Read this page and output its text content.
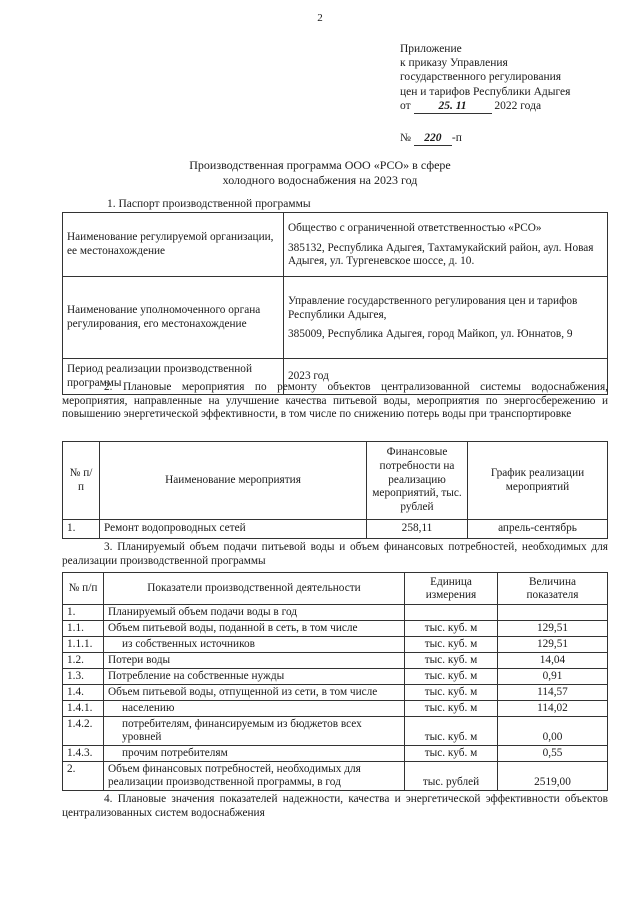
2
Приложение
к приказу Управления
государственного регулирования
цен и тарифов Республики Адыгея
от 25. 11 2022 года
№ 220 -п
Производственная программа ООО «РСО» в сфере
холодного водоснабжения на 2023 год
1. Паспорт производственной программы
Наименование регулируемой организации, ее местонахождение	Общество с ограниченной ответственностью «РСО»

385132, Республика Адыгея, Тахтамукайский район, аул. Новая Адыгея, ул. Тургеневское шоссе, д. 10.

Наименование уполномоченного органа регулирования, его местонахождение	Управление государственного регулирования цен и тарифов Республики Адыгея,

385009, Республика Адыгея, город Майкоп, ул. Юннатов, 9

Период реализации производственной программы	2023 год
2. Плановые мероприятия по ремонту объектов централизованной системы водоснабжения, мероприятия, направленные на улучшение качества питьевой воды, мероприятия по энергосбережению и повышению энергетической эффективности, в том числе по снижению потерь воды при транспортировке
№ п/п	Наименование мероприятия	Финансовые потребности на реализацию мероприятий, тыс. рублей	График реализации мероприятий
1.	Ремонт водопроводных сетей	258,11	апрель-сентябрь
3. Планируемый объем подачи питьевой воды и объем финансовых потребностей, необходимых для реализации производственной программы
№ п/п	Показатели производственной деятельности	Единица измерения	Величина показателя
1.	Планируемый объем подачи воды в год		
1.1.	Объем питьевой воды, поданной в сеть, в том числе	тыс. куб. м	129,51
1.1.1.	из собственных источников	тыс. куб. м	129,51
1.2.	Потери воды	тыс. куб. м	14,04
1.3.	Потребление на собственные нужды	тыс. куб. м	0,91
1.4.	Объем питьевой воды, отпущенной из сети, в том числе	тыс. куб. м	114,57
1.4.1.	населению	тыс. куб. м	114,02
1.4.2.	потребителям, финансируемым из бюджетов всех уровней	тыс. куб. м	0,00
1.4.3.	прочим потребителям	тыс. куб. м	0,55
2.	Объем финансовых потребностей, необходимых для реализации производственной программы, в год	тыс. рублей	2519,00
4. Плановые значения показателей надежности, качества и энергетической эффективности объектов централизованных систем водоснабжения
